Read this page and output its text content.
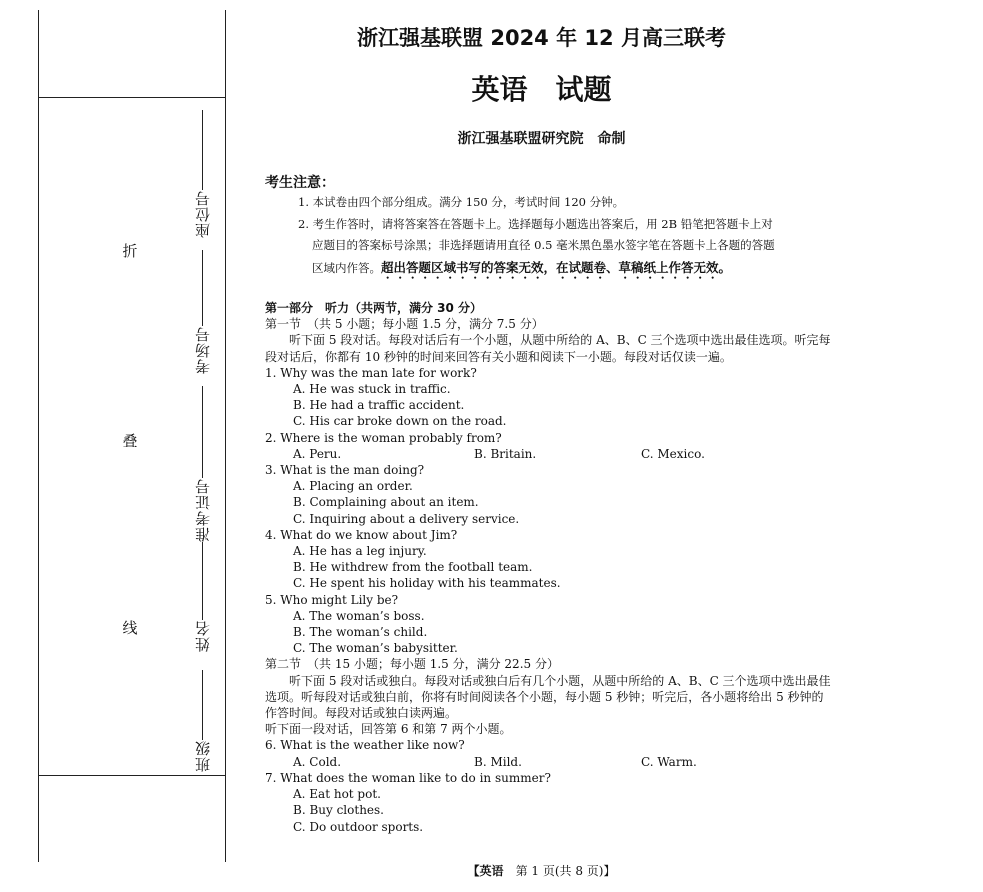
折
叠
线
座位号
考场号
准考证号
姓名
班级
浙江强基联盟 2024 年 12 月高三联考
英语　试题
浙江强基联盟研究院　命制
考生注意：
1. 本试卷由四个部分组成。满分 150 分，考试时间 120 分钟。
2. 考生作答时，请将答案答在答题卡上。选择题每小题选出答案后，用 2B 铅笔把答题卡上对
应题目的答案标号涂黑；非选择题请用直径 0.5 毫米黑色墨水签字笔在答题卡上各题的答题
区域内作答。超出答题区域书写的答案无效，在试题卷、草稿纸上作答无效。

第一部分　听力（共两节，满分 30 分）

第一节　（共 5 小题；每小题 1.5 分，满分 7.5 分）

听下面 5 段对话。每段对话后有一个小题，从题中所给的 A、B、C 三个选项中选出最佳选项。听完每段对话后，你都有 10 秒钟的时间来回答有关小题和阅读下一小题。每段对话仅读一遍。

1. Why was the man late for work?

A. He was stuck in traffic.

B. He had a traffic accident.

C. His car broke down on the road.

2. Where is the woman probably from?

A. Peru.	B. Britain.	C. Mexico.

3. What is the man doing?

A. Placing an order.

B. Complaining about an item.

C. Inquiring about a delivery service.

4. What do we know about Jim?

A. He has a leg injury.

B. He withdrew from the football team.

C. He spent his holiday with his teammates.

5. Who might Lily be?

A. The woman’s boss.

B. The woman’s child.

C. The woman’s babysitter.

第二节　（共 15 小题；每小题 1.5 分，满分 22.5 分）

听下面 5 段对话或独白。每段对话或独白后有几个小题，从题中所给的 A、B、C 三个选项中选出最佳选项。听每段对话或独白前，你将有时间阅读各个小题，每小题 5 秒钟；听完后，各小题将给出 5 秒钟的作答时间。每段对话或独白读两遍。

听下面一段对话，回答第 6 和第 7 两个小题。

6. What is the weather like now?

A. Cold.	B. Mild.	C. Warm.

7. What does the woman like to do in summer?

A. Eat hot pot.

B. Buy clothes.

C. Do outdoor sports.

【英语　 第 1 页(共 8 页)】
